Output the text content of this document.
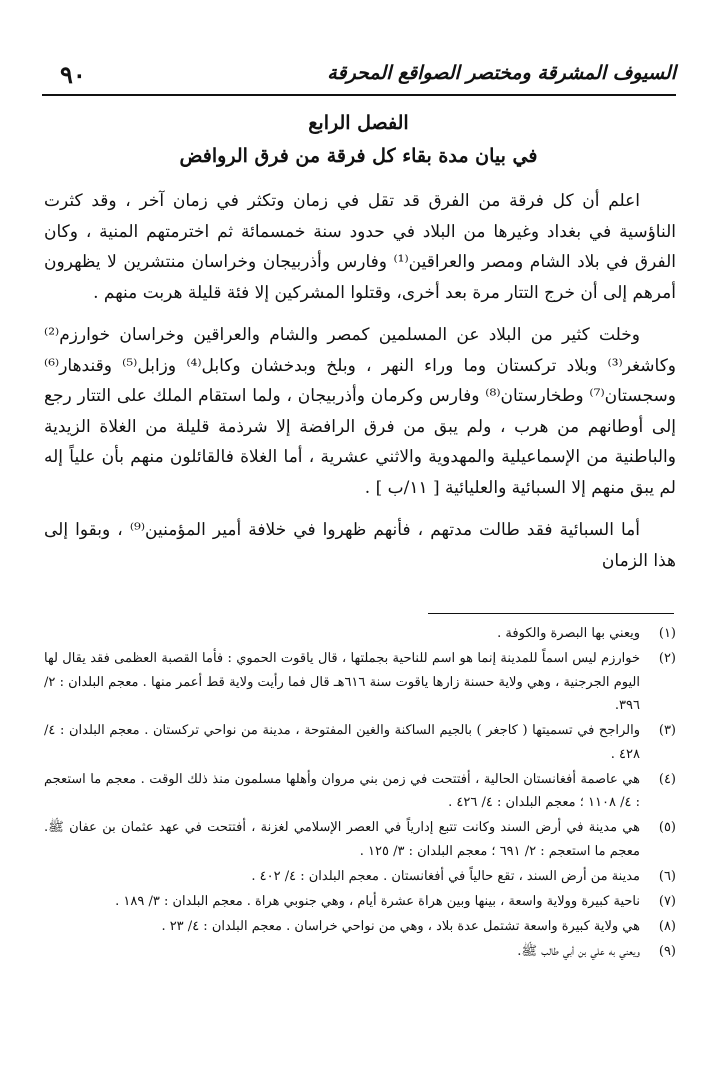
السيوف المشرقة ومختصر الصواقع المحرقة
٩٠
الفصل الرابع
في بيان مدة بقاء كل فرقة من فرق الروافض

اعلم أن كل فرقة من الفرق قد تقل في زمان وتكثر في زمان آخر ، وقد كثرت الناؤسية في بغداد وغيرها من البلاد في حدود سنة خمسمائة ثم اخترمتهم المنية ، وكان الفرق في بلاد الشام ومصر والعراقين⁽¹⁾ وفارس وأذربيجان وخراسان منتشرين لا يظهرون أمرهم إلى أن خرج التتار مرة بعد أخرى، وقتلوا المشركين إلا فئة قليلة هربت منهم .

وخلت كثير من البلاد عن المسلمين كمصر والشام والعراقين وخراسان خوارزم⁽²⁾ وكاشغر⁽³⁾ وبلاد تركستان وما وراء النهر ، وبلخ وبدخشان وكابل⁽⁴⁾ وزابل⁽⁵⁾ وقندهار⁽⁶⁾ وسجستان⁽⁷⁾ وطخارستان⁽⁸⁾ وفارس وكرمان وأذربيجان ، ولما استقام الملك على التتار رجع إلى أوطانهم من هرب ، ولم يبق من فرق الرافضة إلا شرذمة قليلة من الغلاة الزيدية والباطنية من الإسماعيلية والمهدوية والاثني عشرية ، أما الغلاة فالقائلون منهم بأن علياً إله لم يبق منهم إلا السبائية والعليائية [ ١١/ب ] .

أما السبائية فقد طالت مدتهم ، فأنهم ظهروا في خلافة أمير المؤمنين⁽⁹⁾ ، وبقوا إلى هذا الزمان

(١)
ويعني بها البصرة والكوفة .
(٢)
خوارزم ليس اسماً للمدينة إنما هو اسم للناحية بجملتها ، قال ياقوت الحموي : فأما القصبة العظمى فقد يقال لها اليوم الجرجنية ، وهي ولاية حسنة زارها ياقوت سنة ٦١٦هـ قال فما رأيت ولاية قط أعمر منها . معجم البلدان : ٢/ ٣٩٦.
(٣)
والراجح في تسميتها ( كاجغر ) بالجيم الساكنة والغين المفتوحة ، مدينة من نواحي تركستان . معجم البلدان : ٤/ ٤٢٨ .
(٤)
هي عاصمة أفغانستان الحالية ، أفتتحت في زمن بني مروان وأهلها مسلمون منذ ذلك الوقت . معجم ما استعجم : ٤/ ١١٠٨ ؛ معجم البلدان : ٤/ ٤٢٦ .
(٥)
هي مدينة في أرض السند وكانت تتبع إدارياً في العصر الإسلامي لغزنة ، أفتتحت في عهد عثمان بن عفان ﷺ. معجم ما استعجم : ٢/ ٦٩١ ؛ معجم البلدان : ٣/ ١٢٥ .
(٦)
مدينة من أرض السند ، تقع حالياً في أفغانستان . معجم البلدان : ٤/ ٤٠٢ .
(٧)
ناحية كبيرة وولاية واسعة ، بينها وبين هراة عشرة أيام ، وهي جنوبي هراة . معجم البلدان : ٣/ ١٨٩ .
(٨)
هي ولاية كبيرة واسعة تشتمل عدة بلاد ، وهي من نواحي خراسان . معجم البلدان : ٤/ ٢٣ .
(٩)
ويعني به علي بن أبي طالب ﷺ.
